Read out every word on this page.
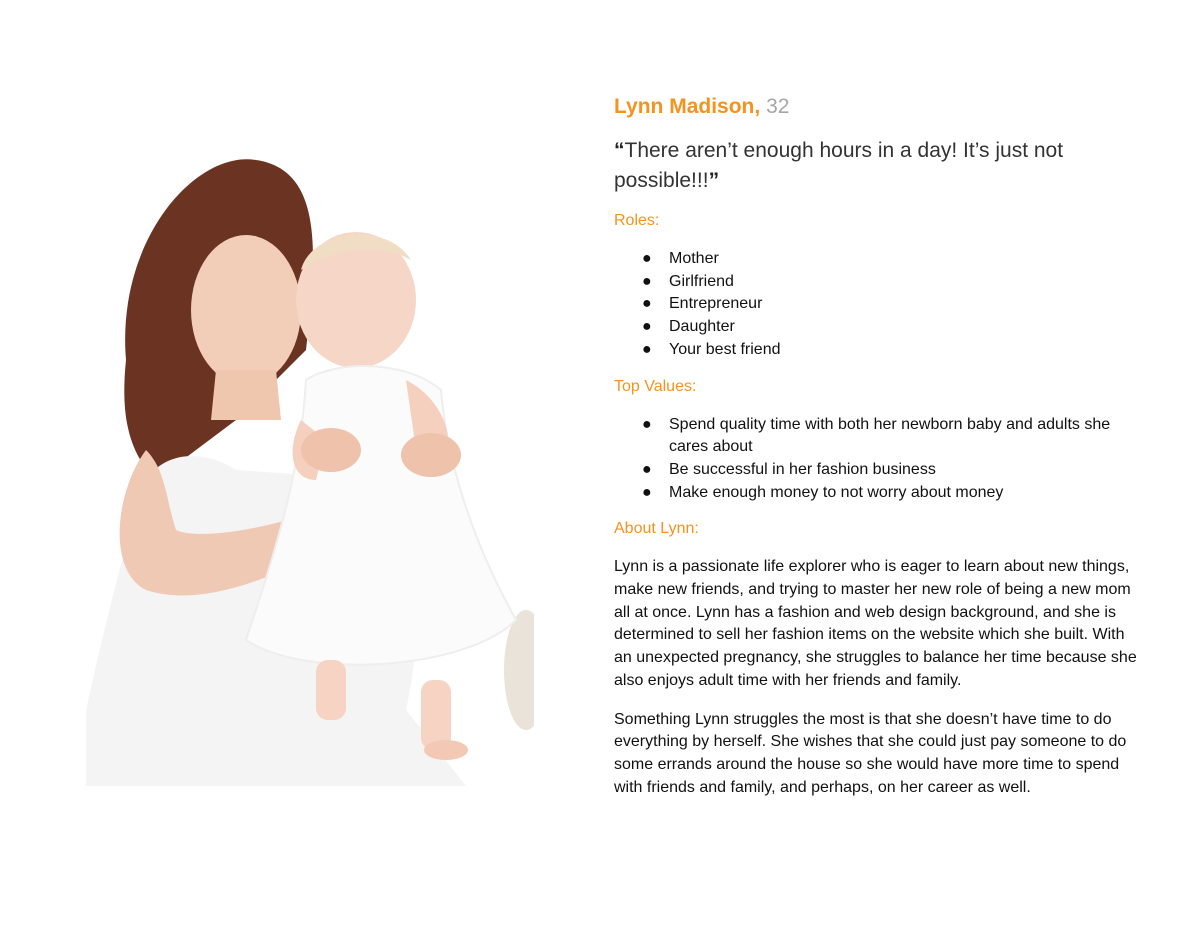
Lynn Madison, 32

“There aren’t enough hours in a day! It’s just not possible!!!”

Roles:
● Mother
● Girlfriend
● Entrepreneur
● Daughter
● Your best friend
Top Values:
● Spend quality time with both her newborn baby and adults she cares about
● Be successful in her fashion business
● Make enough money to not worry about money
About Lynn:

Lynn is a passionate life explorer who is eager to learn about new things, make new friends, and trying to master her new role of being a new mom all at once. Lynn has a fashion and web design background, and she is determined to sell her fashion items on the website which she built. With an unexpected pregnancy, she struggles to balance her time because she also enjoys adult time with her friends and family.

Something Lynn struggles the most is that she doesn’t have time to do everything by herself. She wishes that she could just pay someone to do some errands around the house so she would have more time to spend with friends and family, and perhaps, on her career as well.
